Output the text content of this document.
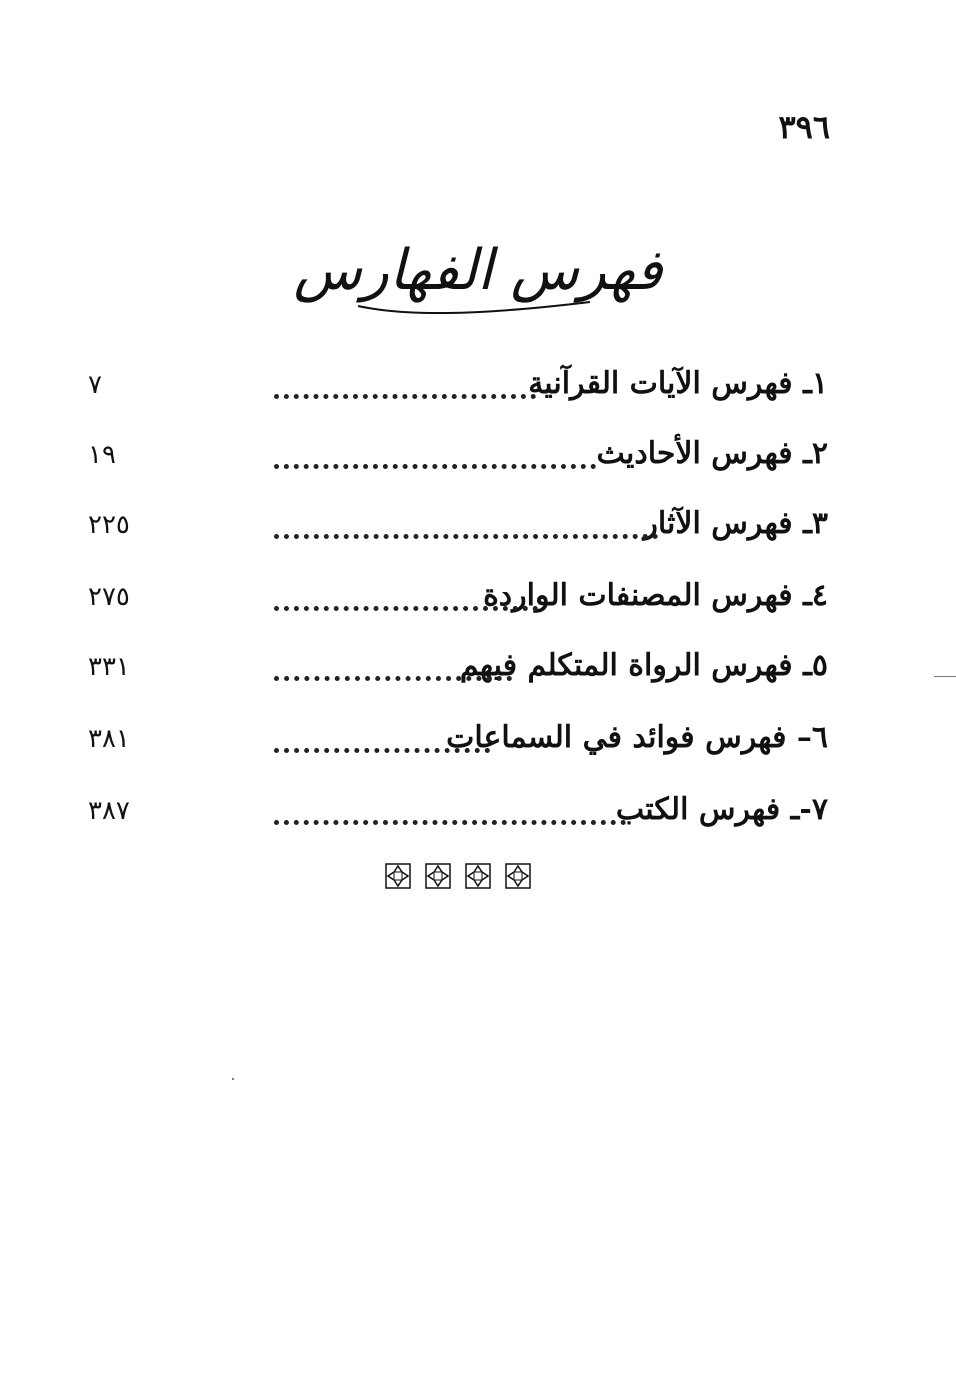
٣٩٦
فهرس الفهارس
١ـ فهرس الآيات القرآنية
٧
٢ـ فهرس الأحاديث
١٩
٣ـ فهرس الآثار
٢٢٥
٤ـ فهرس المصنفات الواردة
٢٧٥
٥ـ فهرس الرواة المتكلم فيهم
٣٣١
٦– فهرس فوائد في السماعات
٣٨١
٧-ـ فهرس الكتب
٣٨٧
